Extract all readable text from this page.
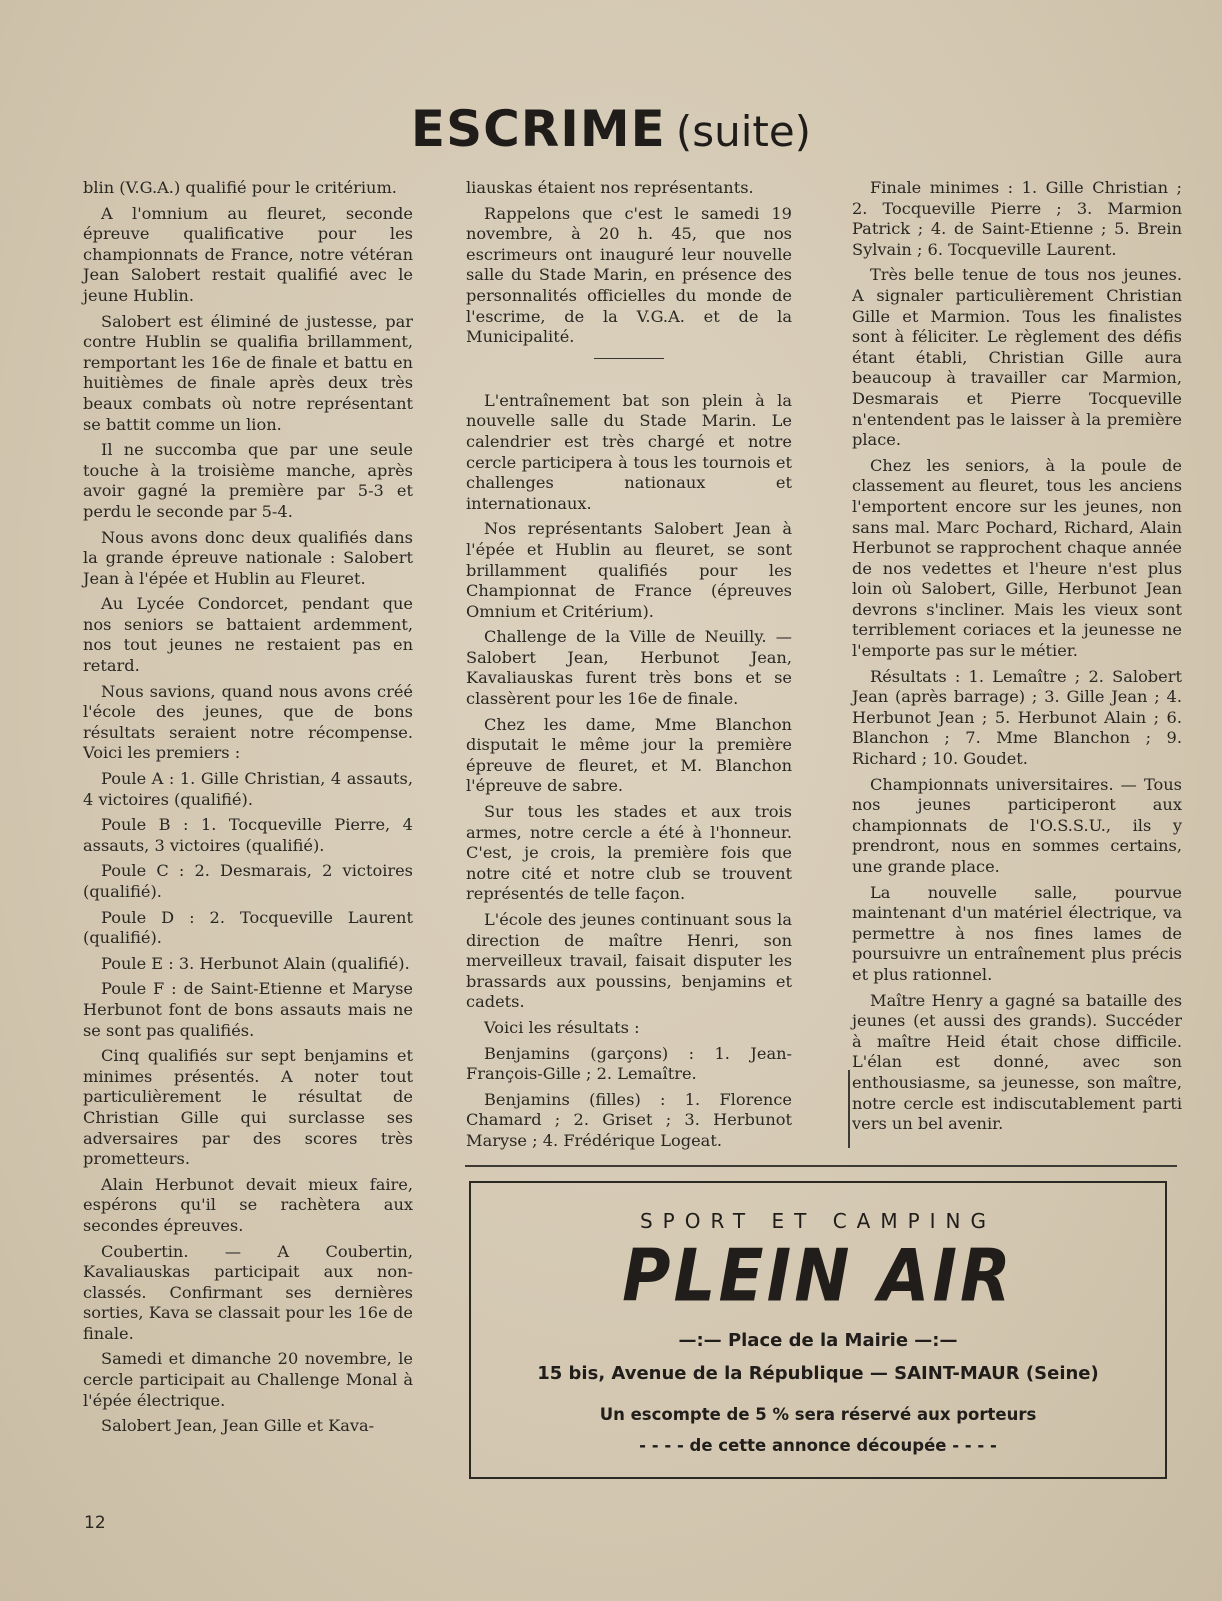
ESCRIME (suite)

blin (V.G.A.) qualifié pour le critérium.

A l'omnium au fleuret, seconde épreuve qualificative pour les championnats de France, notre vétéran Jean Salobert restait qualifié avec le jeune Hublin.

Salobert est éliminé de justesse, par contre Hublin se qualifia brillamment, remportant les 16e de finale et battu en huitièmes de finale après deux très beaux combats où notre représentant se battit comme un lion.

Il ne succomba que par une seule touche à la troisième manche, après avoir gagné la première par 5-3 et perdu le seconde par 5-4.

Nous avons donc deux qualifiés dans la grande épreuve nationale : Salobert Jean à l'épée et Hublin au Fleuret.

Au Lycée Condorcet, pendant que nos seniors se battaient ardemment, nos tout jeunes ne restaient pas en retard.

Nous savions, quand nous avons créé l'école des jeunes, que de bons résultats seraient notre récompense. Voici les premiers :

Poule A : 1. Gille Christian, 4 assauts, 4 victoires (qualifié).

Poule B : 1. Tocqueville Pierre, 4 assauts, 3 victoires (qualifié).

Poule C : 2. Desmarais, 2 victoires (qualifié).

Poule D : 2. Tocqueville Laurent (qualifié).

Poule E : 3. Herbunot Alain (qualifié).

Poule F : de Saint-Etienne et Maryse Herbunot font de bons assauts mais ne se sont pas qualifiés.

Cinq qualifiés sur sept benjamins et minimes présentés. A noter tout particulièrement le résultat de Christian Gille qui surclasse ses adversaires par des scores très prometteurs.

Alain Herbunot devait mieux faire, espérons qu'il se rachètera aux secondes épreuves.

Coubertin. — A Coubertin, Kavaliauskas participait aux non-classés. Confirmant ses dernières sorties, Kava se classait pour les 16e de finale.

Samedi et dimanche 20 novembre, le cercle participait au Challenge Monal à l'épée électrique.

Salobert Jean, Jean Gille et Kava-

liauskas étaient nos représentants.

Rappelons que c'est le samedi 19 novembre, à 20 h. 45, que nos escrimeurs ont inauguré leur nouvelle salle du Stade Marin, en présence des personnalités officielles du monde de l'escrime, de la V.G.A. et de la Municipalité.

L'entraînement bat son plein à la nouvelle salle du Stade Marin. Le calendrier est très chargé et notre cercle participera à tous les tournois et challenges nationaux et internationaux.

Nos représentants Salobert Jean à l'épée et Hublin au fleuret, se sont brillamment qualifiés pour les Championnat de France (épreuves Omnium et Critérium).

Challenge de la Ville de Neuilly. — Salobert Jean, Herbunot Jean, Kavaliauskas furent très bons et se classèrent pour les 16e de finale.

Chez les dame, Mme Blanchon disputait le même jour la première épreuve de fleuret, et M. Blanchon l'épreuve de sabre.

Sur tous les stades et aux trois armes, notre cercle a été à l'honneur. C'est, je crois, la première fois que notre cité et notre club se trouvent représentés de telle façon.

L'école des jeunes continuant sous la direction de maître Henri, son merveilleux travail, faisait disputer les brassards aux poussins, benjamins et cadets.

Voici les résultats :

Benjamins (garçons) : 1. Jean-François-Gille ; 2. Lemaître.

Benjamins (filles) : 1. Florence Chamard ; 2. Griset ; 3. Herbunot Maryse ; 4. Frédérique Logeat.

Finale minimes : 1. Gille Christian ; 2. Tocqueville Pierre ; 3. Marmion Patrick ; 4. de Saint-Etienne ; 5. Brein Sylvain ; 6. Tocqueville Laurent.

Très belle tenue de tous nos jeunes. A signaler particulièrement Christian Gille et Marmion. Tous les finalistes sont à féliciter. Le règlement des défis étant établi, Christian Gille aura beaucoup à travailler car Marmion, Desmarais et Pierre Tocqueville n'entendent pas le laisser à la première place.

Chez les seniors, à la poule de classement au fleuret, tous les anciens l'emportent encore sur les jeunes, non sans mal. Marc Pochard, Richard, Alain Herbunot se rapprochent chaque année de nos vedettes et l'heure n'est plus loin où Salobert, Gille, Herbunot Jean devrons s'incliner. Mais les vieux sont terriblement coriaces et la jeunesse ne l'emporte pas sur le métier.

Résultats : 1. Lemaître ; 2. Salobert Jean (après barrage) ; 3. Gille Jean ; 4. Herbunot Jean ; 5. Herbunot Alain ; 6. Blanchon ; 7. Mme Blanchon ; 9. Richard ; 10. Goudet.

Championnats universitaires. — Tous nos jeunes participeront aux championnats de l'O.S.S.U., ils y prendront, nous en sommes certains, une grande place.

La nouvelle salle, pourvue maintenant d'un matériel électrique, va permettre à nos fines lames de poursuivre un entraînement plus précis et plus rationnel.

Maître Henry a gagné sa bataille des jeunes (et aussi des grands). Succéder à maître Heid était chose difficile. L'élan est donné, avec son enthousiasme, sa jeunesse, son maître, notre cercle est indiscutablement parti vers un bel avenir.

SPORT ET CAMPING
PLEIN AIR
—:— Place de la Mairie —:—
15 bis, Avenue de la République — SAINT-MAUR (Seine)
Un escompte de 5 % sera réservé aux porteurs
- - - - de cette annonce découpée - - - -
12
